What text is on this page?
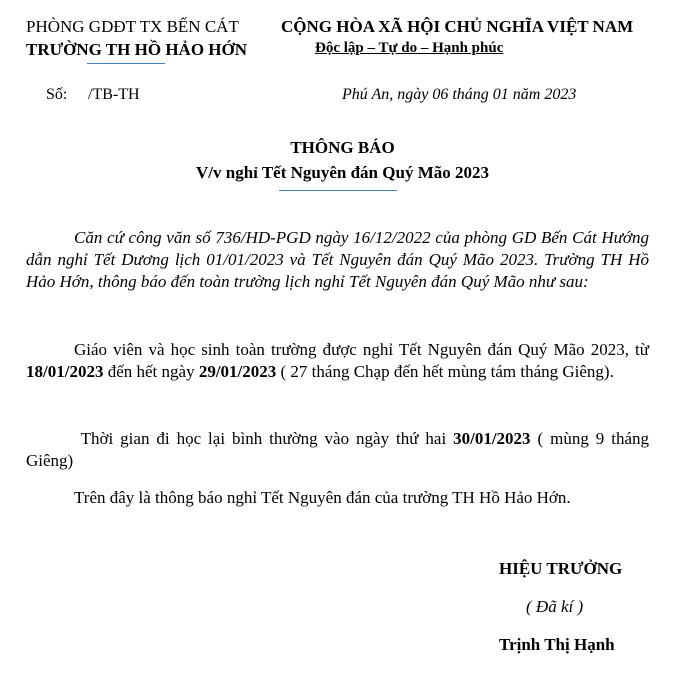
PHÒNG GDĐT TX BẾN CÁT
TRƯỜNG TH HỒ HẢO HỚN
CỘNG HÒA XÃ HỘI CHỦ NGHĨA VIỆT NAM
Độc lập – Tự do – Hạnh phúc
Số: /TB-TH	Phú An, ngày 06 tháng 01 năm 2023
THÔNG BÁO
V/v nghỉ Tết Nguyên đán Quý Mão 2023
Căn cứ công văn số 736/HD-PGD ngày 16/12/2022 của phòng GD Bến Cát Hướng dẫn nghỉ Tết Dương lịch 01/01/2023 và Tết Nguyên đán Quý Mão 2023. Trường TH Hồ Hảo Hớn, thông báo đến toàn trường lịch nghỉ Tết Nguyên đán Quý Mão như sau:
Giáo viên và học sinh toàn trường được nghỉ Tết Nguyên đán Quý Mão 2023, từ 18/01/2023 đến hết ngày 29/01/2023 ( 27 tháng Chạp đến hết mùng tám tháng Giêng).
Thời gian đi học lại bình thường vào ngày thứ hai 30/01/2023 ( mùng 9 tháng Giêng)
Trên đây là thông báo nghỉ Tết Nguyên đán của trường TH Hồ Hảo Hớn.
HIỆU TRƯỞNG
( Đã kí )
Trịnh Thị Hạnh
